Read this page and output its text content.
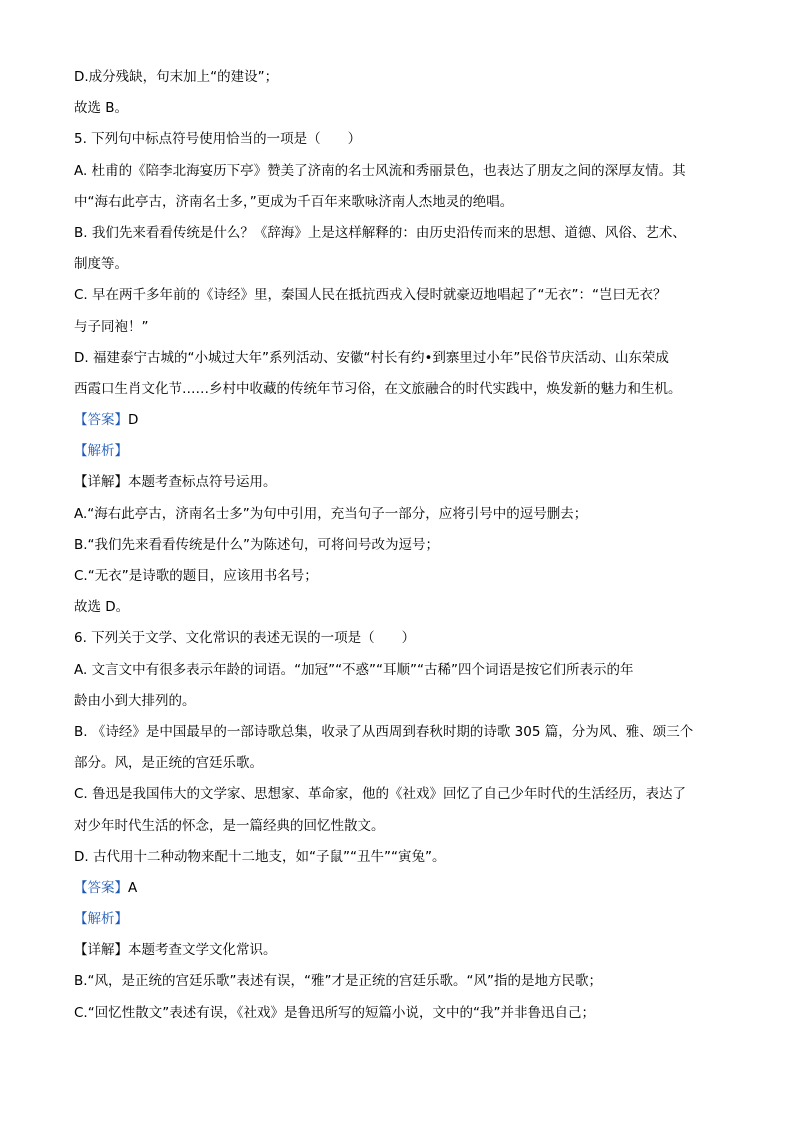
D.成分残缺，句末加上“的建设”；
故选 B。
5. 下列句中标点符号使用恰当的一项是（　　）
A. 杜甫的《陪李北海宴历下亭》赞美了济南的名士风流和秀丽景色，也表达了朋友之间的深厚友情。其
中“海右此亭古，济南名士多，”更成为千百年来歌咏济南人杰地灵的绝唱。
B. 我们先来看看传统是什么？《辞海》上是这样解释的：由历史沿传而来的思想、道德、风俗、艺术、
制度等。
C. 早在两千多年前的《诗经》里，秦国人民在抵抗西戎入侵时就豪迈地唱起了“无衣”：“岂曰无衣？
与子同袍！”
D. 福建泰宁古城的“小城过大年”系列活动、安徽“村长有约•到寨里过小年”民俗节庆活动、山东荣成
西霞口生肖文化节……乡村中收藏的传统年节习俗，在文旅融合的时代实践中，焕发新的魅力和生机。
【答案】D
【解析】
【详解】本题考查标点符号运用。
A.“海右此亭古，济南名士多”为句中引用，充当句子一部分，应将引号中的逗号删去；
B.“我们先来看看传统是什么”为陈述句，可将问号改为逗号；
C.“无衣”是诗歌的题目，应该用书名号；
故选 D。
6. 下列关于文学、文化常识的表述无误的一项是（　　）
A. 文言文中有很多表示年龄的词语。“加冠”“不惑”“耳顺”“古稀”四个词语是按它们所表示的年
龄由小到大排列的。
B. 《诗经》是中国最早的一部诗歌总集，收录了从西周到春秋时期的诗歌 305 篇，分为风、雅、颂三个
部分。风，是正统的宫廷乐歌。
C. 鲁迅是我国伟大的文学家、思想家、革命家，他的《社戏》回忆了自己少年时代的生活经历，表达了
对少年时代生活的怀念，是一篇经典的回忆性散文。
D. 古代用十二种动物来配十二地支，如“子鼠”“丑牛”“寅兔”。
【答案】A
【解析】
【详解】本题考查文学文化常识。
B.“风，是正统的宫廷乐歌”表述有误，“雅”才是正统的宫廷乐歌。“风”指的是地方民歌；
C.“回忆性散文”表述有误，《社戏》是鲁迅所写的短篇小说，文中的“我”并非鲁迅自己；
